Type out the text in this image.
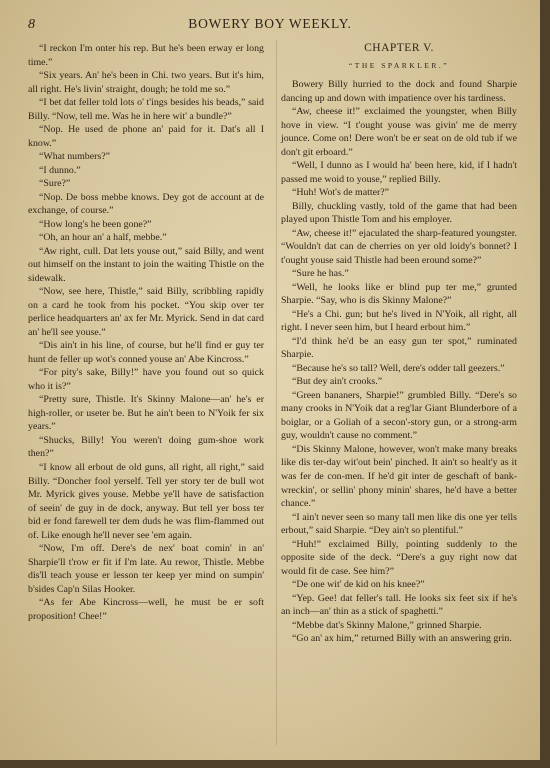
8	BOWERY BOY WEEKLY.

“I reckon I'm onter his rep. But he's been erway er long time.”

“Six years. An' he's been in Chi. two years. But it's him, all right. He's livin' straight, dough; he told me so.”

“I bet dat feller told lots o' t'ings besides his beads,” said Billy. “Now, tell me. Was he in here wit' a bundle?”

“Nop. He used de phone an' paid for it. Dat's all I know.”

“What numbers?”

“I dunno.”

“Sure?”

“Nop. De boss mebbe knows. Dey got de account at de exchange, of course.”

“How long's he been gone?”

“Oh, an hour an' a half, mebbe.”

“Aw right, cull. Dat lets youse out,” said Billy, and went out himself on the instant to join the waiting Thistle on the sidewalk.

“Now, see here, Thistle,” said Billy, scribbling rapidly on a card he took from his pocket. “You skip over ter perlice headquarters an' ax fer Mr. Myrick. Send in dat card an' he'll see youse.”

“Dis ain't in his line, of course, but he'll find er guy ter hunt de feller up wot's conned youse an' Abe Kincross.”

“For pity's sake, Billy!” have you found out so quick who it is?”

“Pretty sure, Thistle. It's Skinny Malone—an' he's er high-roller, or useter be. But he ain't been to N'Yoik fer six years.”

“Shucks, Billy! You weren't doing gum-shoe work then?”

“I know all erbout de old guns, all right, all right,” said Billy. “Doncher fool yerself. Tell yer story ter de bull wot Mr. Myrick gives youse. Mebbe ye'll have de satisfaction of seein' de guy in de dock, anyway. But tell yer boss ter bid er fond farewell ter dem duds he was flim-flammed out of. Like enough he'll never see 'em again.

“Now, I'm off. Dere's de nex' boat comin' in an' Sharpie'll t'row er fit if I'm late. Au rewor, Thistle. Mebbe dis'll teach youse er lesson ter keep yer mind on sumpin' b'sides Cap'n Silas Hooker.

“As fer Abe Kincross—well, he must be er soft proposition! Chee!”

CHAPTER V.

“THE SPARKLER.”

Bowery Billy hurried to the dock and found Sharpie dancing up and down with impatience over his tardiness.

“Aw, cheese it!” exclaimed the youngster, when Billy hove in view. “I t'ought youse was givin' me de merry jounce. Come on! Dere won't be er seat on de old tub if we don't git erboard.”

“Well, I dunno as I would ha' been here, kid, if I hadn't passed me woid to youse,” replied Billy.

“Huh! Wot's de matter?”

Billy, chuckling vastly, told of the game that had been played upon Thistle Tom and his employer.

“Aw, cheese it!” ejaculated the sharp-featured youngster. “Wouldn't dat can de cherries on yer old loidy's bonnet? I t'ought youse said Thistle had been eround some?”

“Sure he has.”

“Well, he looks like er blind pup ter me,” grunted Sharpie. “Say, who is dis Skinny Malone?”

“He's a Chi. gun; but he's lived in N'Yoik, all right, all right. I never seen him, but I heard erbout him.”

“I'd think he'd be an easy gun ter spot,” ruminated Sharpie.

“Because he's so tall? Well, dere's odder tall geezers.”

“But dey ain't crooks.”

“Green bananers, Sharpie!” grumbled Billy. “Dere's so many crooks in N'Yoik dat a reg'lar Giant Blunderbore of a boiglar, or a Goliah of a secon'-story gun, or a strong-arm guy, wouldn't cause no comment.”

“Dis Skinny Malone, however, won't make many breaks like dis ter-day wit'out bein' pinched. It ain't so healt'y as it was fer de con-men. If he'd git inter de geschaft of bank-wreckin', or sellin' phony minin' shares, he'd have a better chance.”

“I ain't never seen so many tall men like dis one yer tells erbout,” said Sharpie. “Dey ain't so plentiful.”

“Huh!” exclaimed Billy, pointing suddenly to the opposite side of the deck. “Dere's a guy right now dat would fit de case. See him?”

“De one wit' de kid on his knee?”

“Yep. Gee! dat feller's tall. He looks six feet six if he's an inch—an' thin as a stick of spaghetti.”

“Mebbe dat's Skinny Malone,” grinned Sharpie.

“Go an' ax him,” returned Billy with an answering grin.
